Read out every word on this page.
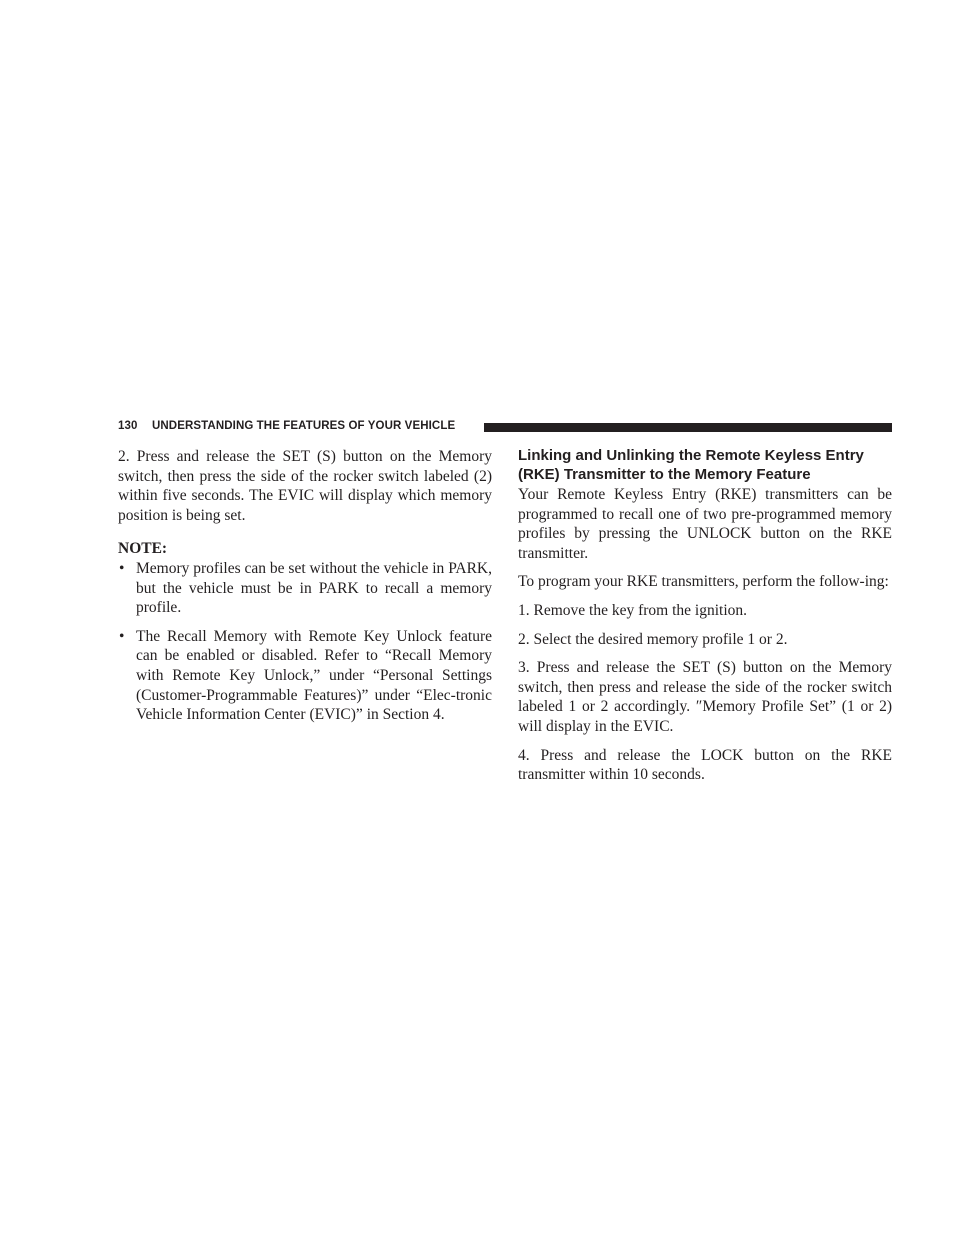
130 UNDERSTANDING THE FEATURES OF YOUR VEHICLE

2. Press and release the SET (S) button on the Memory switch, then press the side of the rocker switch labeled (2) within five seconds. The EVIC will display which memory position is being set.

NOTE:

• Memory profiles can be set without the vehicle in PARK, but the vehicle must be in PARK to recall a memory profile.
• The Recall Memory with Remote Key Unlock feature can be enabled or disabled. Refer to “Recall Memory with Remote Key Unlock,” under “Personal Settings (Customer-Programmable Features)” under “Elec-tronic Vehicle Information Center (EVIC)” in Section 4.
Linking and Unlinking the Remote Keyless Entry (RKE) Transmitter to the Memory Feature

Your Remote Keyless Entry (RKE) transmitters can be programmed to recall one of two pre-programmed memory profiles by pressing the UNLOCK button on the RKE transmitter.

To program your RKE transmitters, perform the follow-ing:

1. Remove the key from the ignition.

2. Select the desired memory profile 1 or 2.

3. Press and release the SET (S) button on the Memory switch, then press and release the side of the rocker switch labeled 1 or 2 accordingly. ″Memory Profile Set” (1 or 2) will display in the EVIC.

4. Press and release the LOCK button on the RKE transmitter within 10 seconds.
